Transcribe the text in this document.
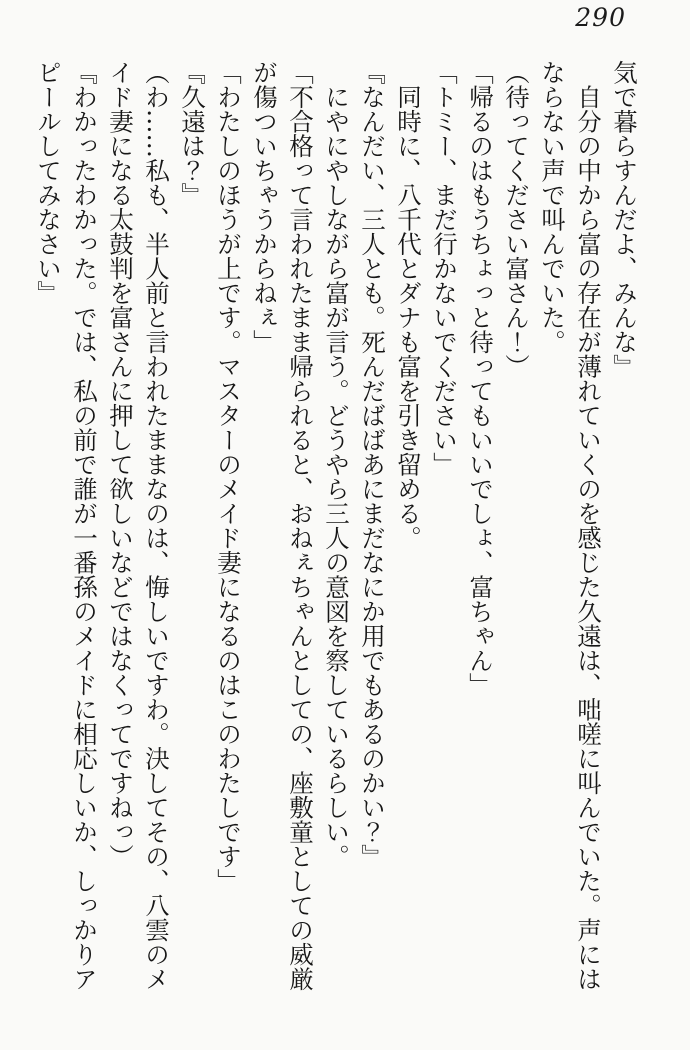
290

気で暮らすんだよ、みんな』

　自分の中から富の存在が薄れていくのを感じた久遠は、咄嗟に叫んでいた。声には

ならない声で叫んでいた。

（待ってください富さん！）

「帰るのはもうちょっと待ってもいいでしょ、富ちゃん」

「トミー、まだ行かないでください」

　同時に、八千代とダナも富を引き留める。

『なんだい、三人とも。死んだばばあにまだなにか用でもあるのかい？』

　にやにやしながら富が言う。どうやら三人の意図を察しているらしい。

「不合格って言われたまま帰られると、おねぇちゃんとしての、座敷童としての威厳

が傷ついちゃうからねぇ」

「わたしのほうが上です。マスターのメイド妻になるのはこのわたしです」

『久遠は？』

（わ……私も、半人前と言われたままなのは、悔しいですわ。決してその、八雲のメ

イド妻になる太鼓判を富さんに押して欲しいなどではなくってですねっ）

『わかったわかった。では、私の前で誰が一番孫のメイドに相応しいか、しっかりア

ピールしてみなさい』
